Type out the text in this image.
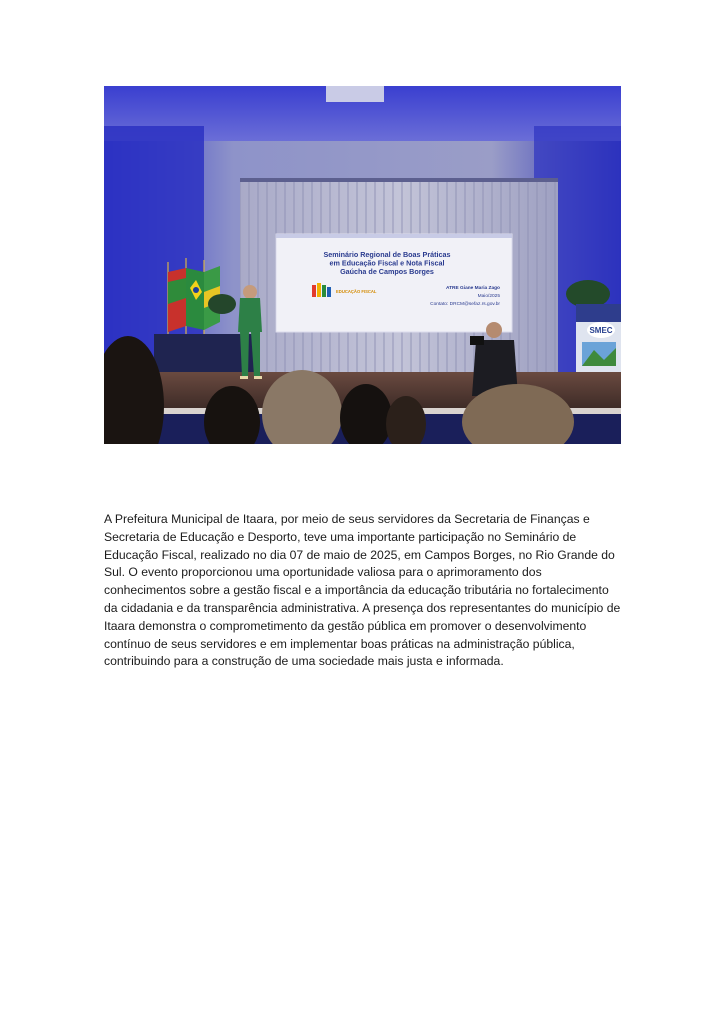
Seminário Regional de Boas Práticas
em Educação Fiscal e Nota Fiscal
Gaúcha de Campos Borges
EDUCAÇÃO FISCAL
ATRE Giane Maria Zago
Maio/2025
Contato: DRCM@sefaz.rs.gov.br
SMEC

A Prefeitura Municipal de Itaara, por meio de seus servidores da Secretaria de Finanças e Secretaria de Educação e Desporto, teve uma importante participação no Seminário de Educação Fiscal, realizado no dia 07 de maio de 2025, em Campos Borges, no Rio Grande do Sul. O evento proporcionou uma oportunidade valiosa para o aprimoramento dos conhecimentos sobre a gestão fiscal e a importância da educação tributária no fortalecimento da cidadania e da transparência administrativa. A presença dos representantes do município de Itaara demonstra o comprometimento da gestão pública em promover o desenvolvimento contínuo de seus servidores e em implementar boas práticas na administração pública, contribuindo para a construção de uma sociedade mais justa e informada.
